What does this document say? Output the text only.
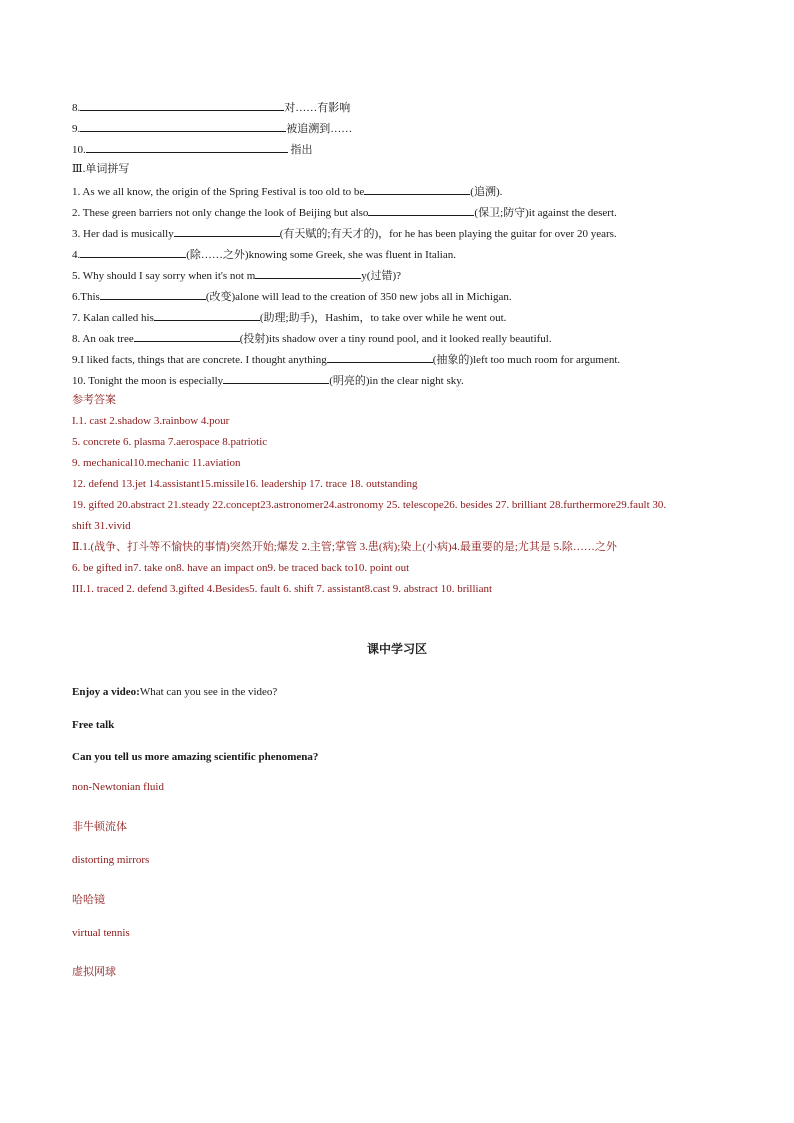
8.	对……有影响
9.	被追溯到……
10.	指出
Ⅲ.单词拼写
1. As we all know, the origin of the Spring Festival is too old to be	(追溯).
2. These green barriers not only change the look of Beijing but also	(保卫;防守)it against the desert.
3. Her dad is musically	(有天赋的;有天才的)，for he has been playing the guitar for over 20 years.
4.	(除……之外)knowing some Greek, she was fluent in Italian.
5. Why should I say sorry when it's not m	y(过错)?
6.This	(改变)alone will lead to the creation of 350 new jobs all in Michigan.
7. Kalan called his	(助理;助手)，Hashim，to take over while he went out.
8. An oak tree	(投射)its shadow over a tiny round pool, and it looked really beautiful.
9.I liked facts, things that are concrete. I thought anything	(抽象的)left too much room for argument.
10. Tonight the moon is especially	(明亮的)in the clear night sky.
参考答案
I.1. cast 2.shadow 3.rainbow 4.pour
5. concrete 6. plasma 7.aerospace 8.patriotic
9. mechanical10.mechanic 11.aviation
12. defend 13.jet 14.assistant15.missile16. leadership 17. trace 18. outstanding
19. gifted 20.abstract 21.steady 22.concept23.astronomer24.astronomy 25. telescope26. besides 27. brilliant 28.furthermore29.fault 30.
shift 31.vivid
Ⅱ.1.(战争、打斗等不愉快的事情)突然开始;爆发 2.主管;掌管 3.患(病);染上(小病)4.最重要的是;尤其是 5.除……之外
6. be gifted in7. take on8. have an impact on9. be traced back to10. point out
III.1. traced 2. defend 3.gifted 4.Besides5. fault 6. shift 7. assistant8.cast 9. abstract 10. brilliant
课中学习区
Enjoy a video:What can you see in the video?
Free talk
Can you tell us more amazing scientific phenomena?
non-Newtonian fluid
非牛顿流体
distorting mirrors
哈哈镜
virtual tennis
虚拟网球
